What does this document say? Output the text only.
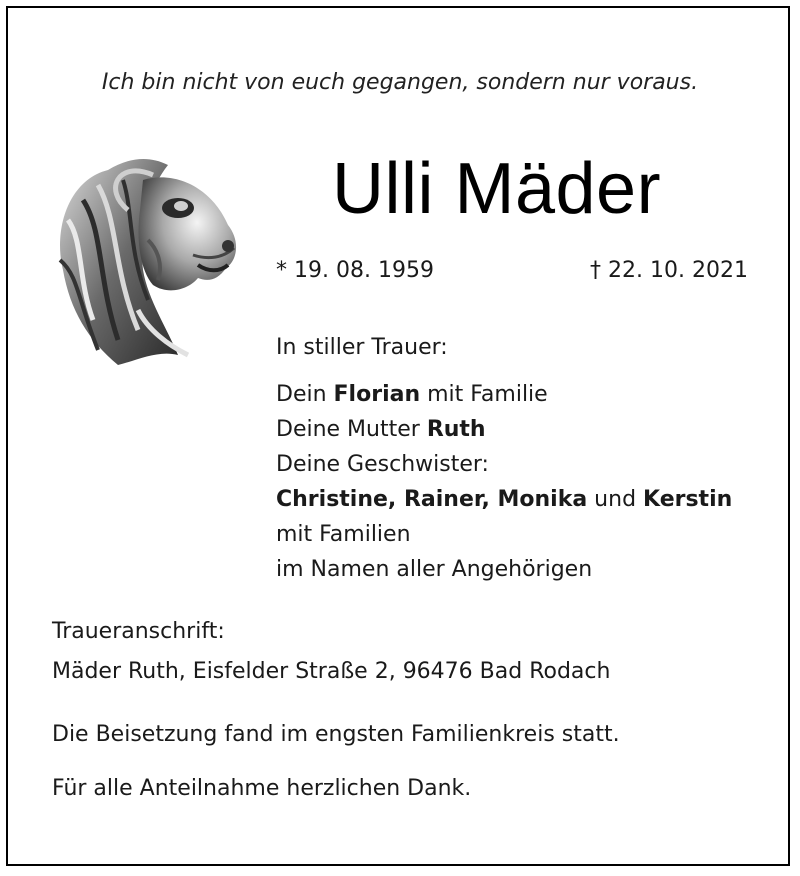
Ich bin nicht von euch gegangen, sondern nur voraus.
Ulli Mäder
* 19. 08. 1959	† 22. 10. 2021
In stiller Trauer:
Dein Florian mit Familie
Deine Mutter Ruth
Deine Geschwister:
Christine, Rainer, Monika und Kerstin
mit Familien
im Namen aller Angehörigen
Traueranschrift:
Mäder Ruth, Eisfelder Straße 2, 96476 Bad Rodach
Die Beisetzung fand im engsten Familienkreis statt.
Für alle Anteilnahme herzlichen Dank.
